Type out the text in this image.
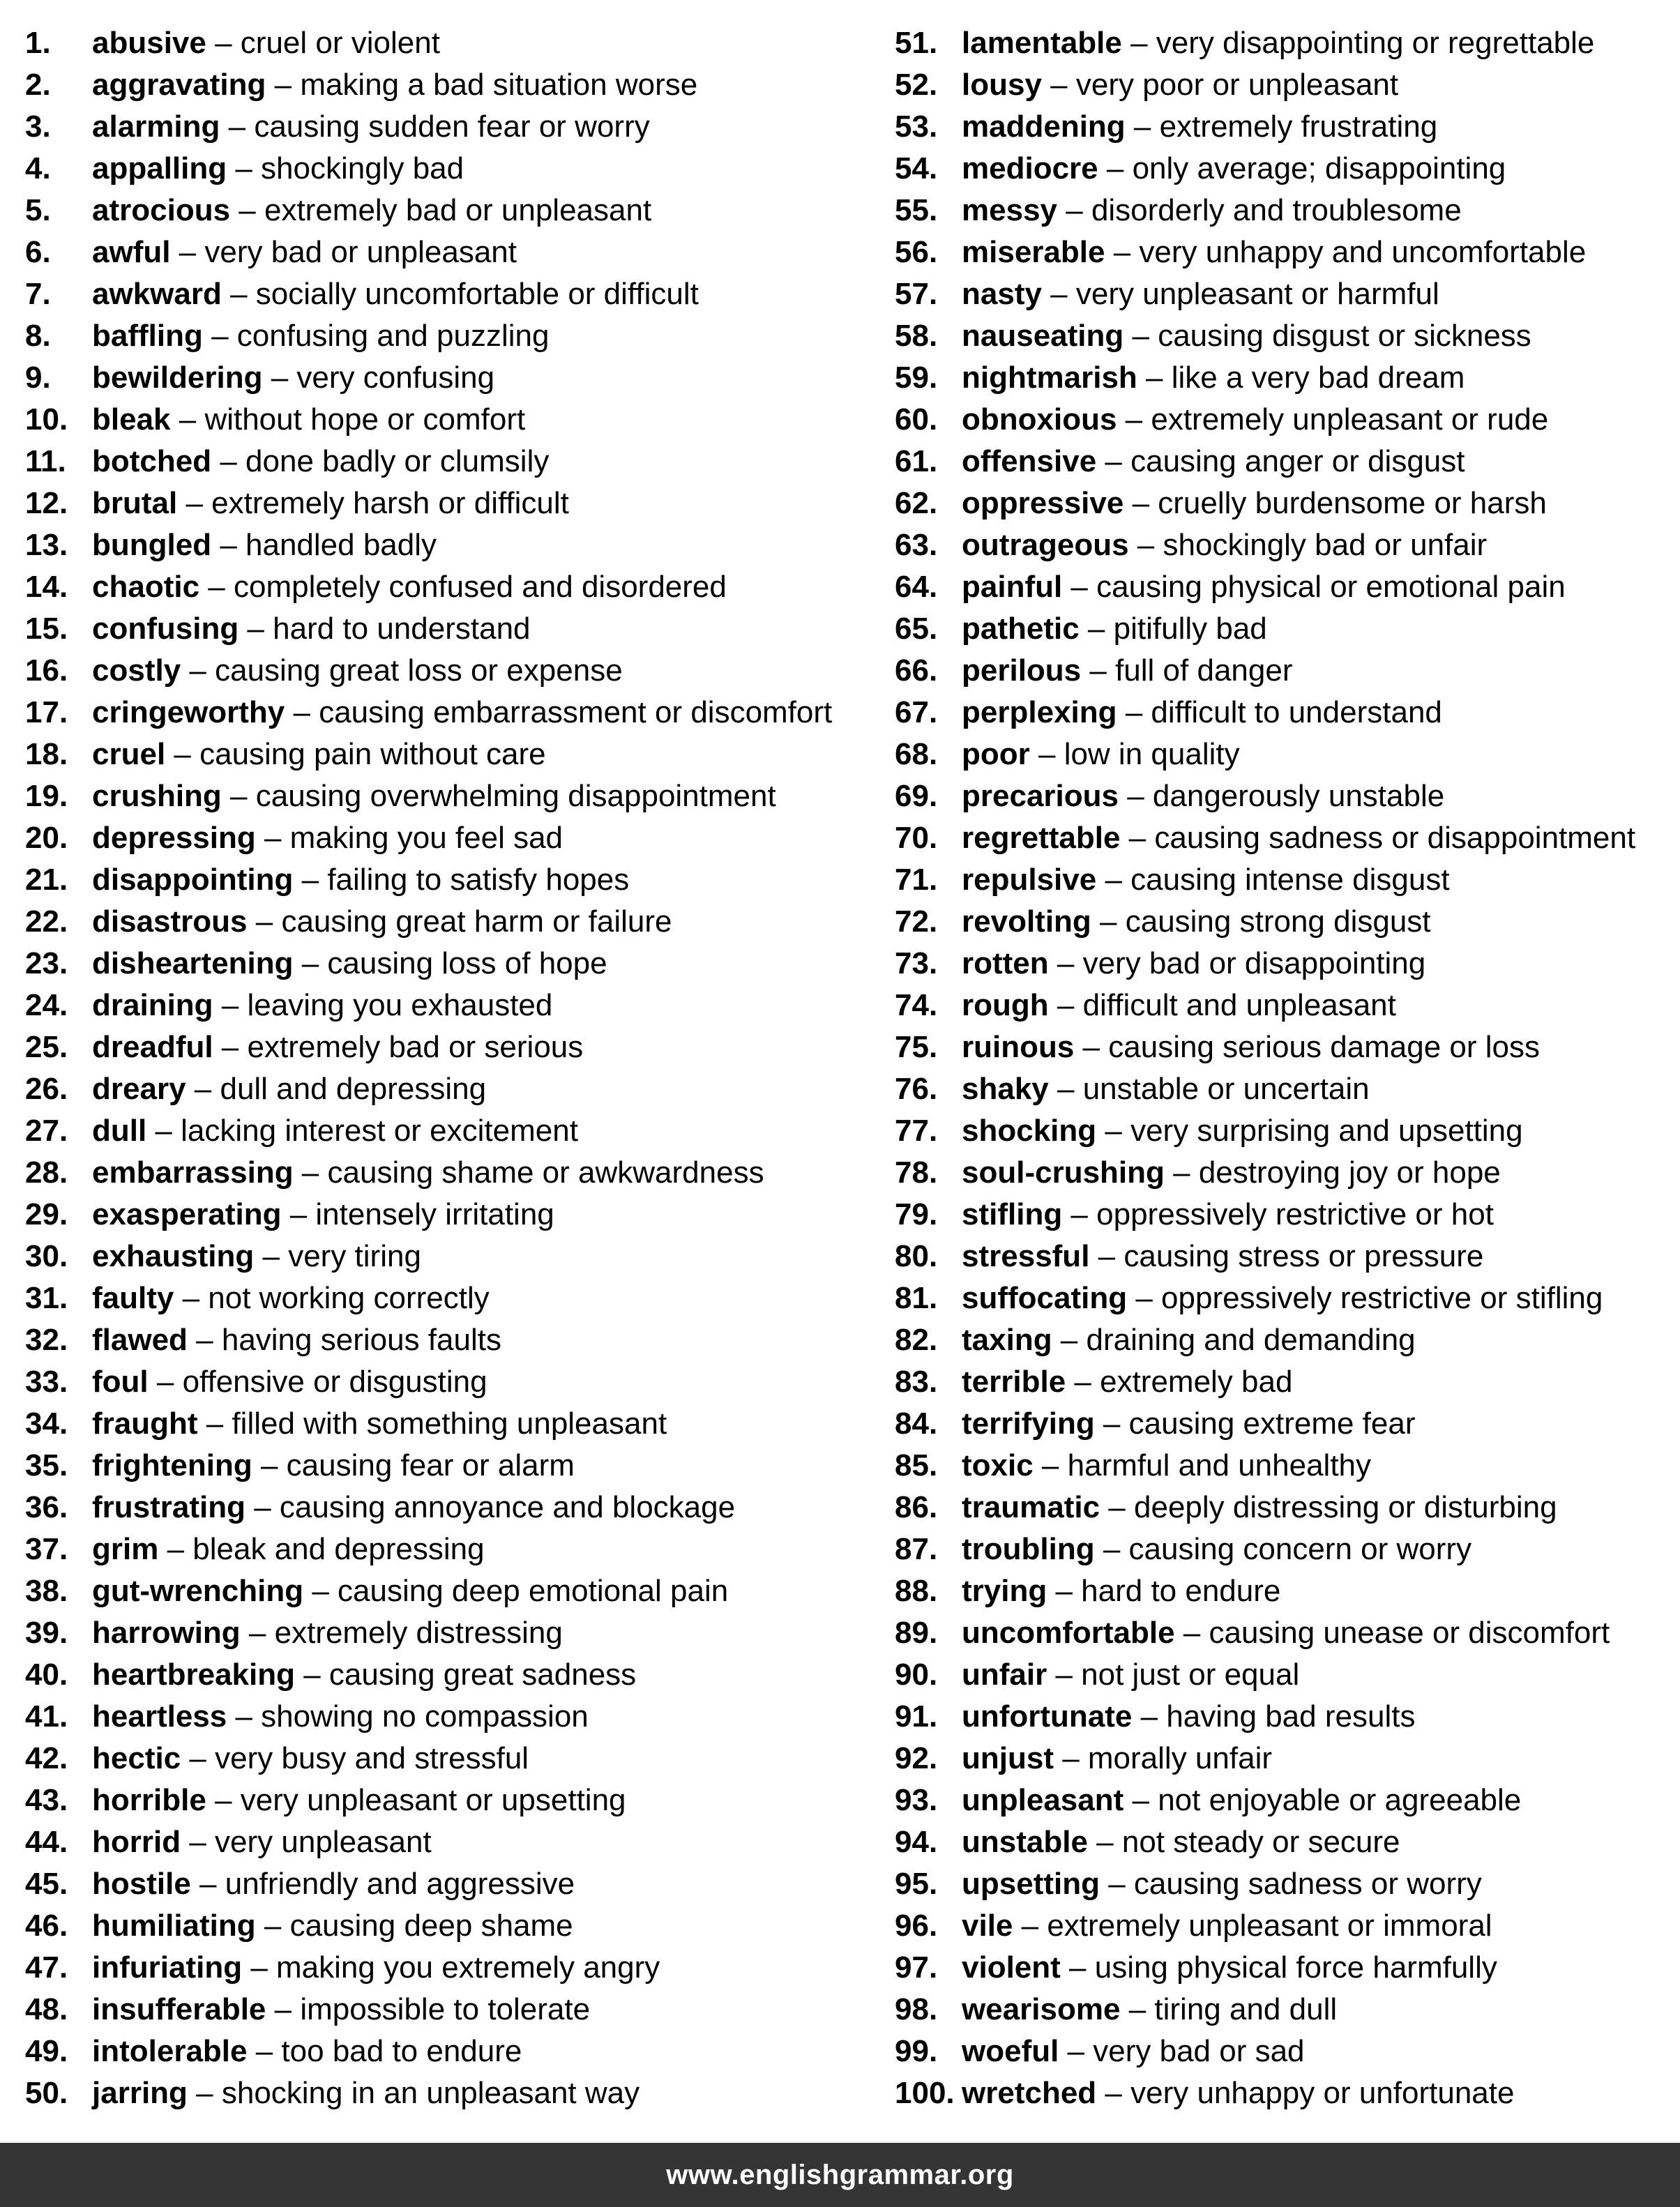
1. abusive – cruel or violent
2. aggravating – making a bad situation worse
3. alarming – causing sudden fear or worry
4. appalling – shockingly bad
5. atrocious – extremely bad or unpleasant
6. awful – very bad or unpleasant
7. awkward – socially uncomfortable or difficult
8. baffling – confusing and puzzling
9. bewildering – very confusing
10. bleak – without hope or comfort
11. botched – done badly or clumsily
12. brutal – extremely harsh or difficult
13. bungled – handled badly
14. chaotic – completely confused and disordered
15. confusing – hard to understand
16. costly – causing great loss or expense
17. cringeworthy – causing embarrassment or discomfort
18. cruel – causing pain without care
19. crushing – causing overwhelming disappointment
20. depressing – making you feel sad
21. disappointing – failing to satisfy hopes
22. disastrous – causing great harm or failure
23. disheartening – causing loss of hope
24. draining – leaving you exhausted
25. dreadful – extremely bad or serious
26. dreary – dull and depressing
27. dull – lacking interest or excitement
28. embarrassing – causing shame or awkwardness
29. exasperating – intensely irritating
30. exhausting – very tiring
31. faulty – not working correctly
32. flawed – having serious faults
33. foul – offensive or disgusting
34. fraught – filled with something unpleasant
35. frightening – causing fear or alarm
36. frustrating – causing annoyance and blockage
37. grim – bleak and depressing
38. gut-wrenching – causing deep emotional pain
39. harrowing – extremely distressing
40. heartbreaking – causing great sadness
41. heartless – showing no compassion
42. hectic – very busy and stressful
43. horrible – very unpleasant or upsetting
44. horrid – very unpleasant
45. hostile – unfriendly and aggressive
46. humiliating – causing deep shame
47. infuriating – making you extremely angry
48. insufferable – impossible to tolerate
49. intolerable – too bad to endure
50. jarring – shocking in an unpleasant way
51. lamentable – very disappointing or regrettable
52. lousy – very poor or unpleasant
53. maddening – extremely frustrating
54. mediocre – only average; disappointing
55. messy – disorderly and troublesome
56. miserable – very unhappy and uncomfortable
57. nasty – very unpleasant or harmful
58. nauseating – causing disgust or sickness
59. nightmarish – like a very bad dream
60. obnoxious – extremely unpleasant or rude
61. offensive – causing anger or disgust
62. oppressive – cruelly burdensome or harsh
63. outrageous – shockingly bad or unfair
64. painful – causing physical or emotional pain
65. pathetic – pitifully bad
66. perilous – full of danger
67. perplexing – difficult to understand
68. poor – low in quality
69. precarious – dangerously unstable
70. regrettable – causing sadness or disappointment
71. repulsive – causing intense disgust
72. revolting – causing strong disgust
73. rotten – very bad or disappointing
74. rough – difficult and unpleasant
75. ruinous – causing serious damage or loss
76. shaky – unstable or uncertain
77. shocking – very surprising and upsetting
78. soul-crushing – destroying joy or hope
79. stifling – oppressively restrictive or hot
80. stressful – causing stress or pressure
81. suffocating – oppressively restrictive or stifling
82. taxing – draining and demanding
83. terrible – extremely bad
84. terrifying – causing extreme fear
85. toxic – harmful and unhealthy
86. traumatic – deeply distressing or disturbing
87. troubling – causing concern or worry
88. trying – hard to endure
89. uncomfortable – causing unease or discomfort
90. unfair – not just or equal
91. unfortunate – having bad results
92. unjust – morally unfair
93. unpleasant – not enjoyable or agreeable
94. unstable – not steady or secure
95. upsetting – causing sadness or worry
96. vile – extremely unpleasant or immoral
97. violent – using physical force harmfully
98. wearisome – tiring and dull
99. woeful – very bad or sad
100. wretched – very unhappy or unfortunate
www.englishgrammar.org
